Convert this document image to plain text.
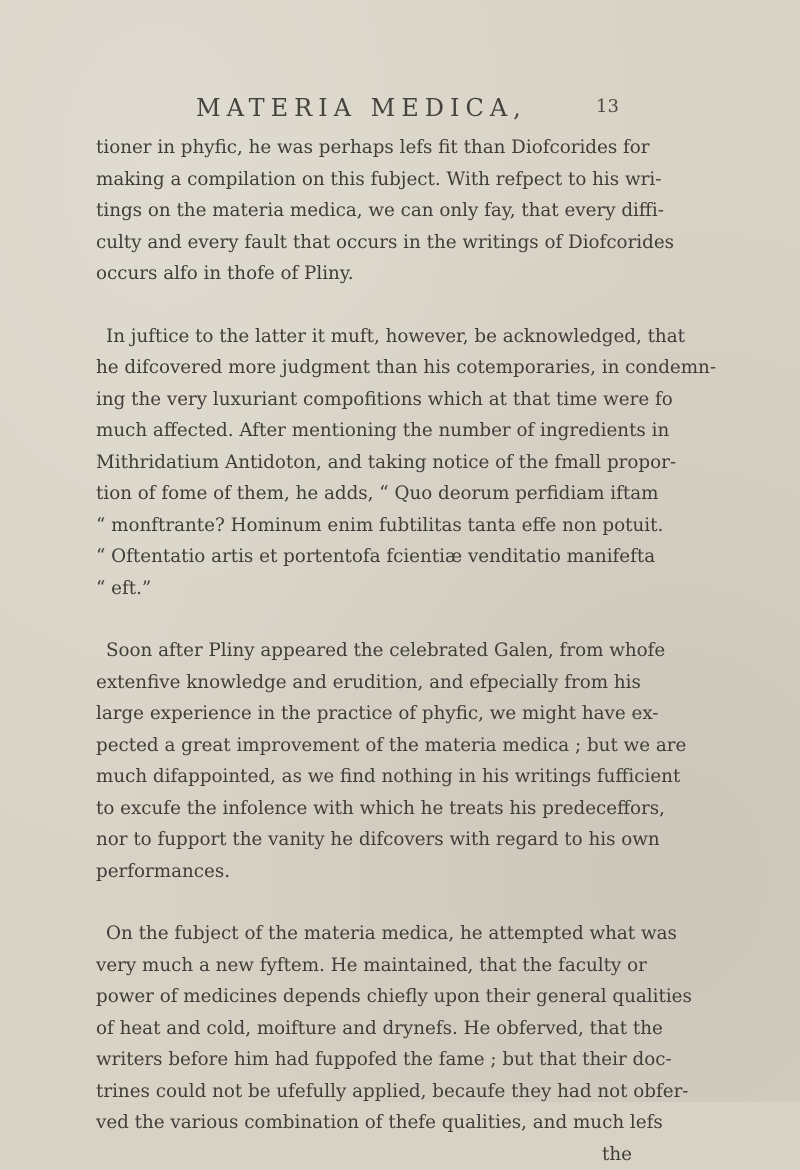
MATERIA MEDICA,	13
tioner in phyfic, he was perhaps lefs fit than Diofcorides for
making a compilation on this fubject. With refpect to his wri-
tings on the materia medica, we can only fay, that every diffi-
culty and every fault that occurs in the writings of Diofcorides
occurs alfo in thofe of Pliny.
In juftice to the latter it muft, however, be acknowledged, that
he difcovered more judgment than his cotemporaries, in condemn-
ing the very luxuriant compofitions which at that time were fo
much affected. After mentioning the number of ingredients in
Mithridatium Antidoton, and taking notice of the fmall propor-
tion of fome of them, he adds, “ Quo deorum perfidiam iftam
“ monftrante? Hominum enim fubtilitas tanta effe non potuit.
“ Oftentatio artis et portentofa fcientiæ venditatio manifefta
“ eft.”
Soon after Pliny appeared the celebrated Galen, from whofe
extenfive knowledge and erudition, and efpecially from his
large experience in the practice of phyfic, we might have ex-
pected a great improvement of the materia medica ; but we are
much difappointed, as we find nothing in his writings fufficient
to excufe the infolence with which he treats his predeceffors,
nor to fupport the vanity he difcovers with regard to his own
performances.
On the fubject of the materia medica, he attempted what was
very much a new fyftem. He maintained, that the faculty or
power of medicines depends chiefly upon their general qualities
of heat and cold, moifture and drynefs. He obferved, that the
writers before him had fuppofed the fame ; but that their doc-
trines could not be ufefully applied, becaufe they had not obfer-
ved the various combination of thefe qualities, and much lefs
the
